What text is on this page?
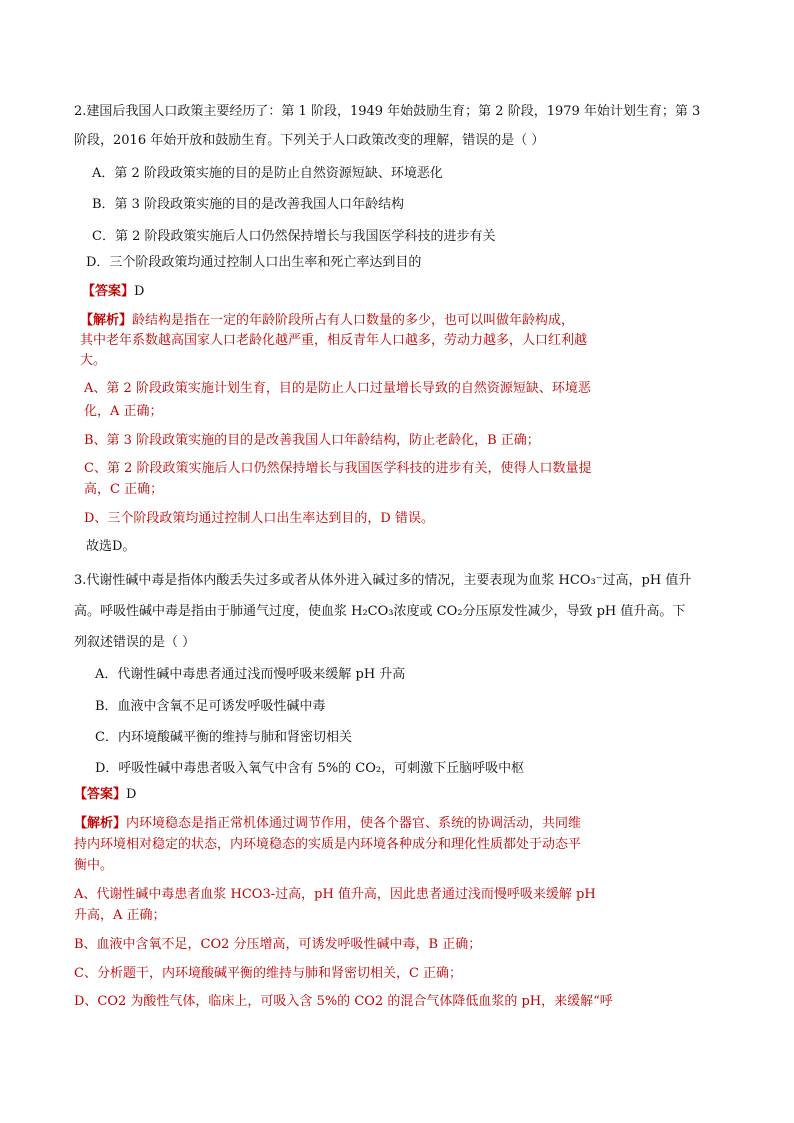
2.建国后我国人口政策主要经历了：第 1 阶段，1949 年始鼓励生育；第 2 阶段，1979 年始计划生育；第 3
阶段，2016 年始开放和鼓励生育。下列关于人口政策改变的理解，错误的是（ ）
A．第 2 阶段政策实施的目的是防止自然资源短缺、环境恶化
B．第 3 阶段政策实施的目的是改善我国人口年龄结构
C．第 2 阶段政策实施后人口仍然保持增长与我国医学科技的进步有关
D．三个阶段政策均通过控制人口出生率和死亡率达到目的
【答案】D
【解析】龄结构是指在一定的年龄阶段所占有人口数量的多少，也可以叫做年龄构成，
其中老年系数越高国家人口老龄化越严重，相反青年人口越多，劳动力越多，人口红利越
大。
A、第 2 阶段政策实施计划生育，目的是防止人口过量增长导致的自然资源短缺、环境恶
化，A 正确；
B、第 3 阶段政策实施的目的是改善我国人口年龄结构，防止老龄化，B 正确；
C、第 2 阶段政策实施后人口仍然保持增长与我国医学科技的进步有关，使得人口数量提
高，C 正确；
D、三个阶段政策均通过控制人口出生率达到目的，D 错误。
故选D。
3.代谢性碱中毒是指体内酸丢失过多或者从体外进入碱过多的情况，主要表现为血浆 HCO₃⁻过高，pH 值升
高。呼吸性碱中毒是指由于肺通气过度，使血浆 H₂CO₃浓度或 CO₂分压原发性减少，导致 pH 值升高。下
列叙述错误的是（ ）
A．代谢性碱中毒患者通过浅而慢呼吸来缓解 pH 升高
B．血液中含氧不足可诱发呼吸性碱中毒
C．内环境酸碱平衡的维持与肺和肾密切相关
D．呼吸性碱中毒患者吸入氧气中含有 5%的 CO₂，可刺激下丘脑呼吸中枢
【答案】D
【解析】内环境稳态是指正常机体通过调节作用，使各个器官、系统的协调活动，共同维
持内环境相对稳定的状态，内环境稳态的实质是内环境各种成分和理化性质都处于动态平
衡中。
A、代谢性碱中毒患者血浆 HCO3-过高，pH 值升高，因此患者通过浅而慢呼吸来缓解 pH
升高，A 正确；
B、血液中含氧不足，CO2 分压增高，可诱发呼吸性碱中毒，B 正确；
C、分析题干，内环境酸碱平衡的维持与肺和肾密切相关，C 正确；
D、CO2 为酸性气体，临床上，可吸入含 5%的 CO2 的混合气体降低血浆的 pH，来缓解“呼
